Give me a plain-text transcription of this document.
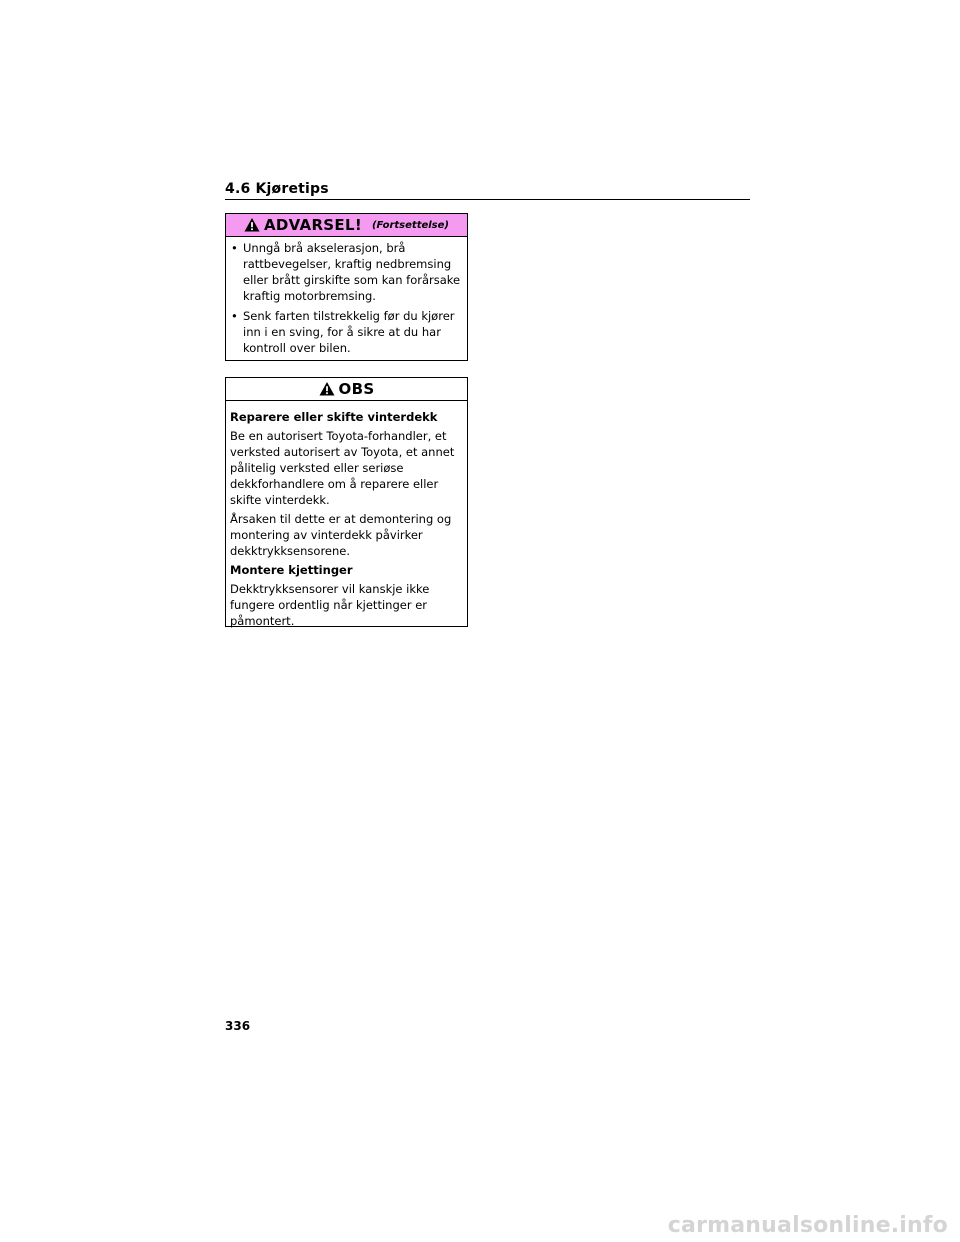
4.6 Kjøretips
ADVARSEL! (Fortsettelse)
• Unngå brå akselerasjon, brå rattbevegelser, kraftig nedbremsing eller brått girskifte som kan forårsake kraftig motorbremsing.
• Senk farten tilstrekkelig før du kjører inn i en sving, for å sikre at du har kontroll over bilen.
OBS

Reparere eller skifte vinterdekk

Be en autorisert Toyota-forhandler, et verksted autorisert av Toyota, et annet pålitelig verksted eller seriøse dekkforhandlere om å reparere eller skifte vinterdekk.

Årsaken til dette er at demontering og montering av vinterdekk påvirker dekktrykksensorene.

Montere kjettinger

Dekktrykksensorer vil kanskje ikke fungere ordentlig når kjettinger er påmontert.

336
carmanualsonline.info
